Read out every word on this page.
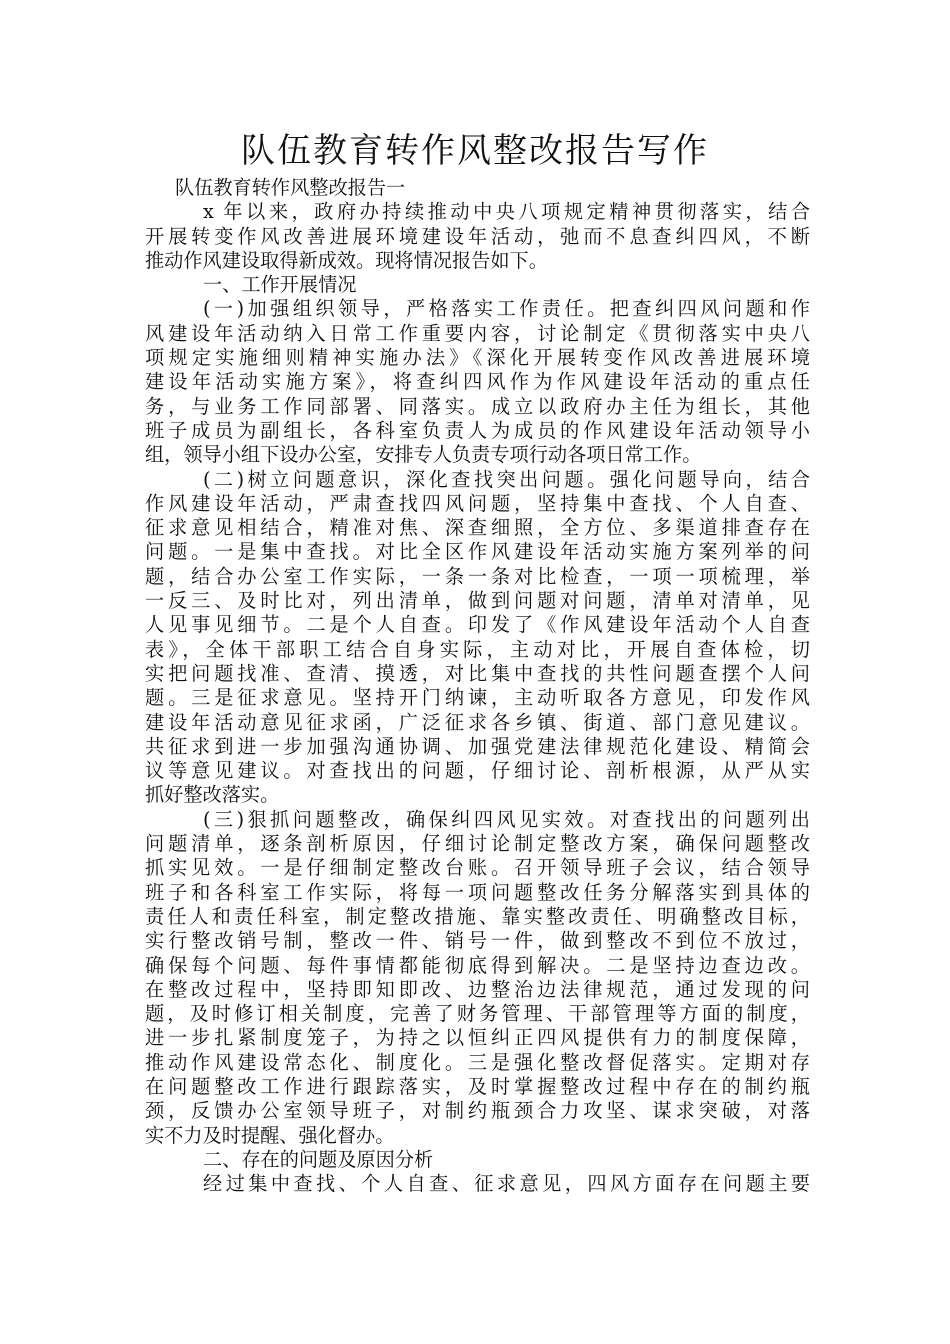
队伍教育转作风整改报告写作
队伍教育转作风整改报告一
x 年以来，政府办持续推动中央八项规定精神贯彻落实，结合
开展转变作风改善进展环境建设年活动，弛而不息查纠四风，不断
推动作风建设取得新成效。现将情况报告如下。
一、工作开展情况
(一)加强组织领导，严格落实工作责任。把查纠四风问题和作
风建设年活动纳入日常工作重要内容，讨论制定《贯彻落实中央八
项规定实施细则精神实施办法》《深化开展转变作风改善进展环境
建设年活动实施方案》，将查纠四风作为作风建设年活动的重点任
务，与业务工作同部署、同落实。成立以政府办主任为组长，其他
班子成员为副组长，各科室负责人为成员的作风建设年活动领导小
组，领导小组下设办公室，安排专人负责专项行动各项日常工作。
(二)树立问题意识，深化查找突出问题。强化问题导向，结合
作风建设年活动，严肃查找四风问题，坚持集中查找、个人自查、
征求意见相结合，精准对焦、深查细照，全方位、多渠道排查存在
问题。一是集中查找。对比全区作风建设年活动实施方案列举的问
题，结合办公室工作实际，一条一条对比检查，一项一项梳理，举
一反三、及时比对，列出清单，做到问题对问题，清单对清单，见
人见事见细节。二是个人自查。印发了《作风建设年活动个人自查
表》，全体干部职工结合自身实际，主动对比，开展自查体检，切
实把问题找准、查清、摸透，对比集中查找的共性问题查摆个人问
题。三是征求意见。坚持开门纳谏，主动听取各方意见，印发作风
建设年活动意见征求函，广泛征求各乡镇、街道、部门意见建议。
共征求到进一步加强沟通协调、加强党建法律规范化建设、精简会
议等意见建议。对查找出的问题，仔细讨论、剖析根源，从严从实
抓好整改落实。
(三)狠抓问题整改，确保纠四风见实效。对查找出的问题列出
问题清单，逐条剖析原因，仔细讨论制定整改方案，确保问题整改
抓实见效。一是仔细制定整改台账。召开领导班子会议，结合领导
班子和各科室工作实际，将每一项问题整改任务分解落实到具体的
责任人和责任科室，制定整改措施、靠实整改责任、明确整改目标，
实行整改销号制，整改一件、销号一件，做到整改不到位不放过，
确保每个问题、每件事情都能彻底得到解决。二是坚持边查边改。
在整改过程中，坚持即知即改、边整治边法律规范，通过发现的问
题，及时修订相关制度，完善了财务管理、干部管理等方面的制度，
进一步扎紧制度笼子，为持之以恒纠正四风提供有力的制度保障，
推动作风建设常态化、制度化。三是强化整改督促落实。定期对存
在问题整改工作进行跟踪落实，及时掌握整改过程中存在的制约瓶
颈，反馈办公室领导班子，对制约瓶颈合力攻坚、谋求突破，对落
实不力及时提醒、强化督办。
二、存在的问题及原因分析
经过集中查找、个人自查、征求意见，四风方面存在问题主要
